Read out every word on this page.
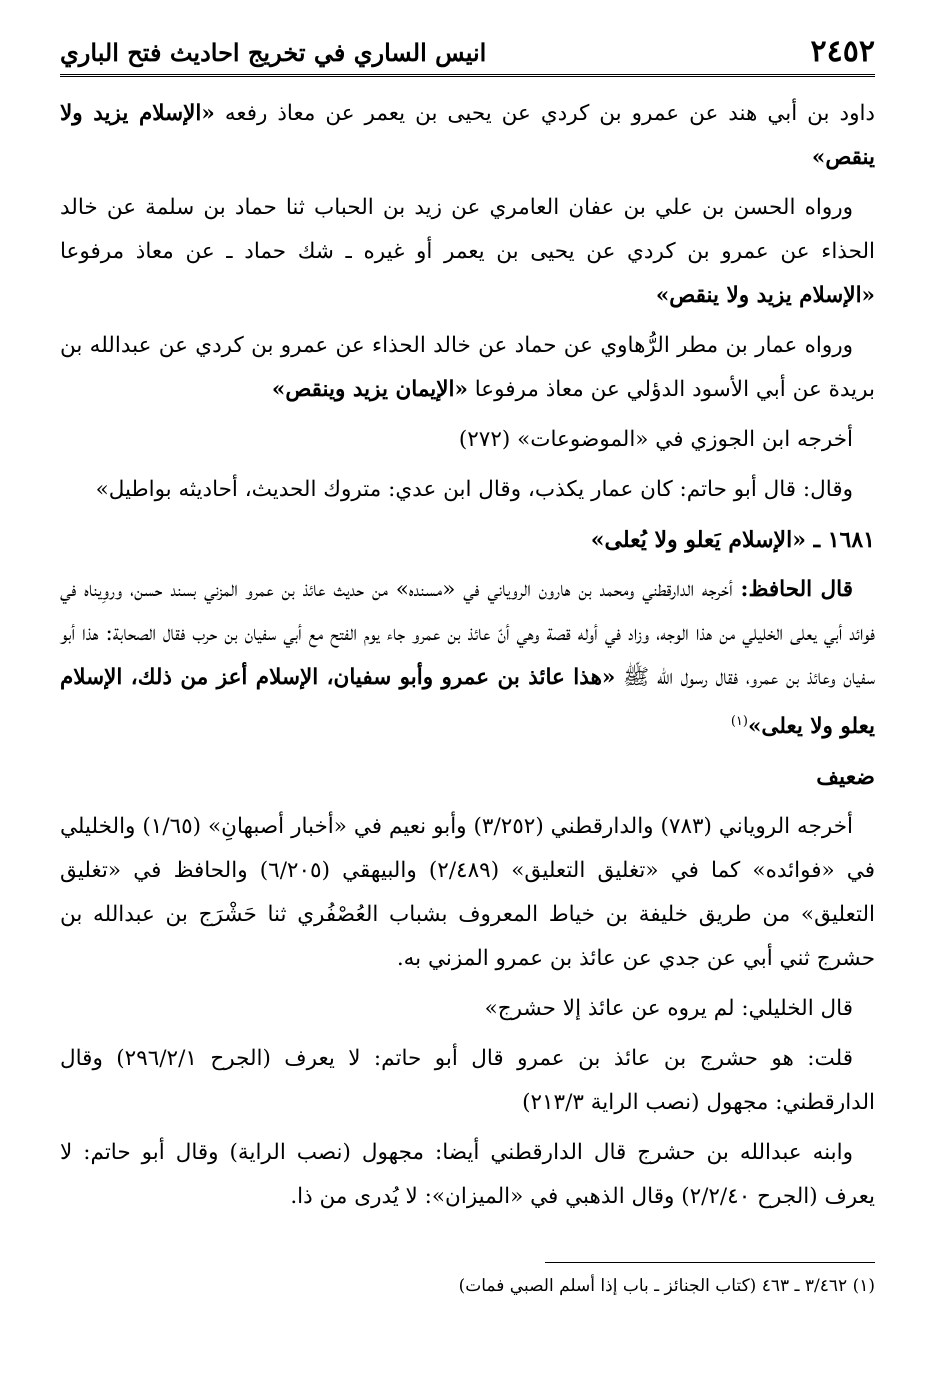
٢٤٥٢
انيس الساري في تخريج احاديث فتح الباري

داود بن أبي هند عن عمرو بن كردي عن يحيى بن يعمر عن معاذ رفعه «الإسلام يزيد ولا ينقص»

ورواه الحسن بن علي بن عفان العامري عن زيد بن الحباب ثنا حماد بن سلمة عن خالد الحذاء عن عمرو بن كردي عن يحيى بن يعمر أو غيره ـ شك حماد ـ عن معاذ مرفوعا «الإسلام يزيد ولا ينقص»

ورواه عمار بن مطر الرُّهاوي عن حماد عن خالد الحذاء عن عمرو بن كردي عن عبدالله بن بريدة عن أبي الأسود الدؤلي عن معاذ مرفوعا «الإيمان يزيد وينقص»

أخرجه ابن الجوزي في «الموضوعات» (٢٧٢)

وقال: قال أبو حاتم: كان عمار يكذب، وقال ابن عدي: متروك الحديث، أحاديثه بواطيل»

١٦٨١ ـ «الإسلام يَعلو ولا يُعلى»

قال الحافظ: أخرجه الدارقطني ومحمد بن هارون الروياني في «مسنده» من حديث عائذ بن عمرو المزني بسند حسن، وروِيناه في فوائد أبي يعلى الخليلي من هذا الوجه، وزاد في أوله قصة وهي أنّ عائذ بن عمرو جاء يوم الفتح مع أبي سفيان بن حرب فقال الصحابة: هذا أبو سفيان وعائذ بن عمرو، فقال رسول الله ﷺ «هذا عائذ بن عمرو وأبو سفيان، الإسلام أعز من ذلك، الإسلام يعلو ولا يعلى»$^{(١)}$

ضعيف

أخرجه الروياني (٧٨٣) والدارقطني (٣/٢٥٢) وأبو نعيم في «أخبار أصبهانِ» (١/٦٥) والخليلي في «فوائده» كما في «تغليق التعليق» (٢/٤٨٩) والبيهقي (٦/٢٠٥) والحافظ في «تغليق التعليق» من طريق خليفة بن خياط المعروف بشباب العُصْفُري ثنا حَشْرَج بن عبدالله بن حشرج ثني أبي عن جدي عن عائذ بن عمرو المزني به.

قال الخليلي: لم يروه عن عائذ إلا حشرج»

قلت: هو حشرج بن عائذ بن عمرو قال أبو حاتم: لا يعرف (الجرح ٢٩٦/٢/١) وقال الدارقطني: مجهول (نصب الراية ٢١٣/٣)

وابنه عبدالله بن حشرج قال الدارقطني أيضا: مجهول (نصب الراية) وقال أبو حاتم: لا يعرف (الجرح ٢/٢/٤٠) وقال الذهبي في «الميزان»: لا يُدرى من ذا.

(١) ٣/٤٦٢ ـ ٤٦٣ (كتاب الجنائز ـ باب إذا أسلم الصبي فمات)
